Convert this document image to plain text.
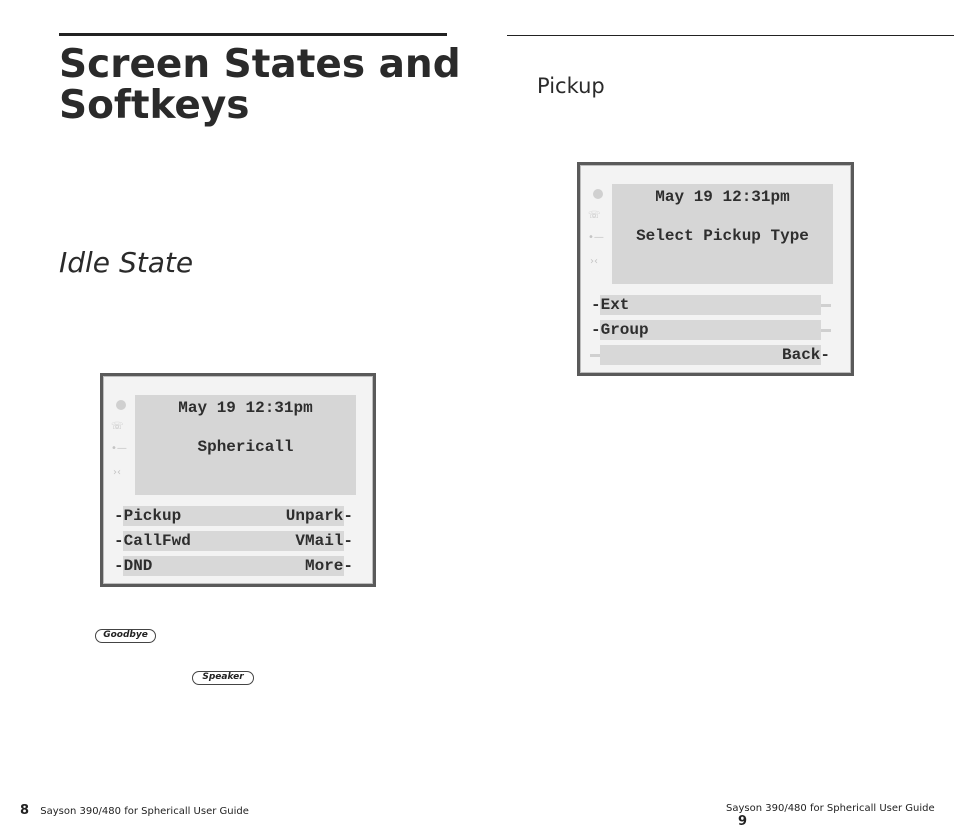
Screen States and
Softkeys
Idle State
☏
•—
›‹
May 19 12:31pm
Sphericall
-Pickup	Unpark-
-CallFwd	VMail-
-DND	More-
Goodbye
Speaker
8 Sayson 390/480 for Sphericall User Guide
Pickup
☏
•—
›‹
May 19 12:31pm
Select Pickup Type
-Ext
-Group
Back-
Sayson 390/480 for Sphericall User Guide 9
